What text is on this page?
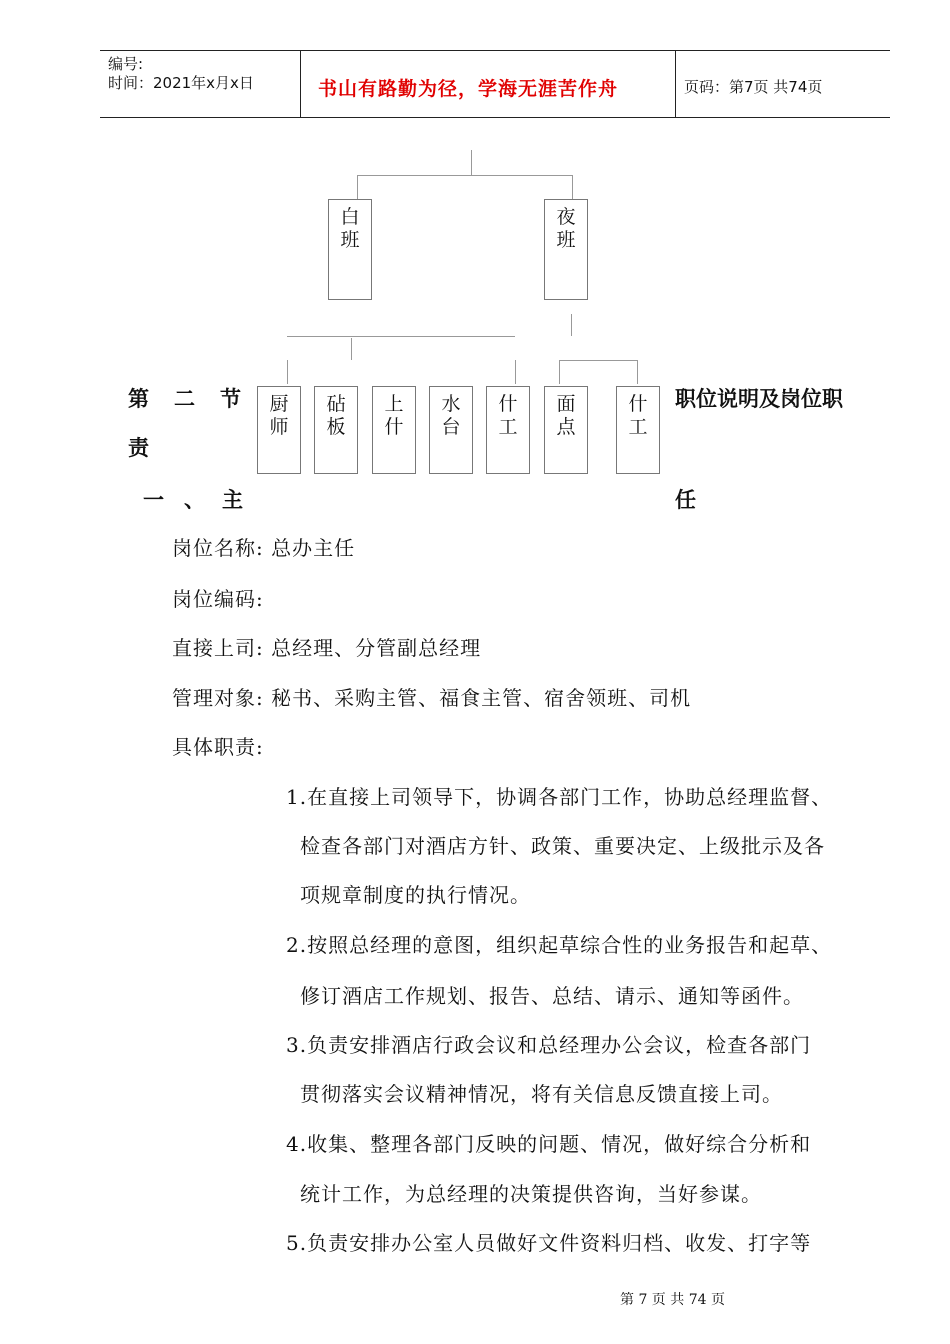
编号:
时间：2021年x月x日	书山有路勤为径，学海无涯苦作舟	页码：第7页 共74页
白
班
夜
班
厨
师
砧
板
上
什
水
台
什
工
面
点
什
工
第 二 节	职位说明及岗位职
责
一 、 主	任
岗位名称: 总办主任
岗位编码:
直接上司: 总经理、分管副总经理
管理对象: 秘书、采购主管、福食主管、宿舍领班、司机
具体职责:
1.在直接上司领导下，协调各部门工作，协助总经理监督、
检查各部门对酒店方针、政策、重要决定、上级批示及各
项规章制度的执行情况。
2.按照总经理的意图，组织起草综合性的业务报告和起草、
修订酒店工作规划、报告、总结、请示、通知等函件。
3.负责安排酒店行政会议和总经理办公会议，检查各部门
贯彻落实会议精神情况，将有关信息反馈直接上司。
4.收集、整理各部门反映的问题、情况，做好综合分析和
统计工作，为总经理的决策提供咨询，当好参谋。
5.负责安排办公室人员做好文件资料归档、收发、打字等
第 7 页 共 74 页
